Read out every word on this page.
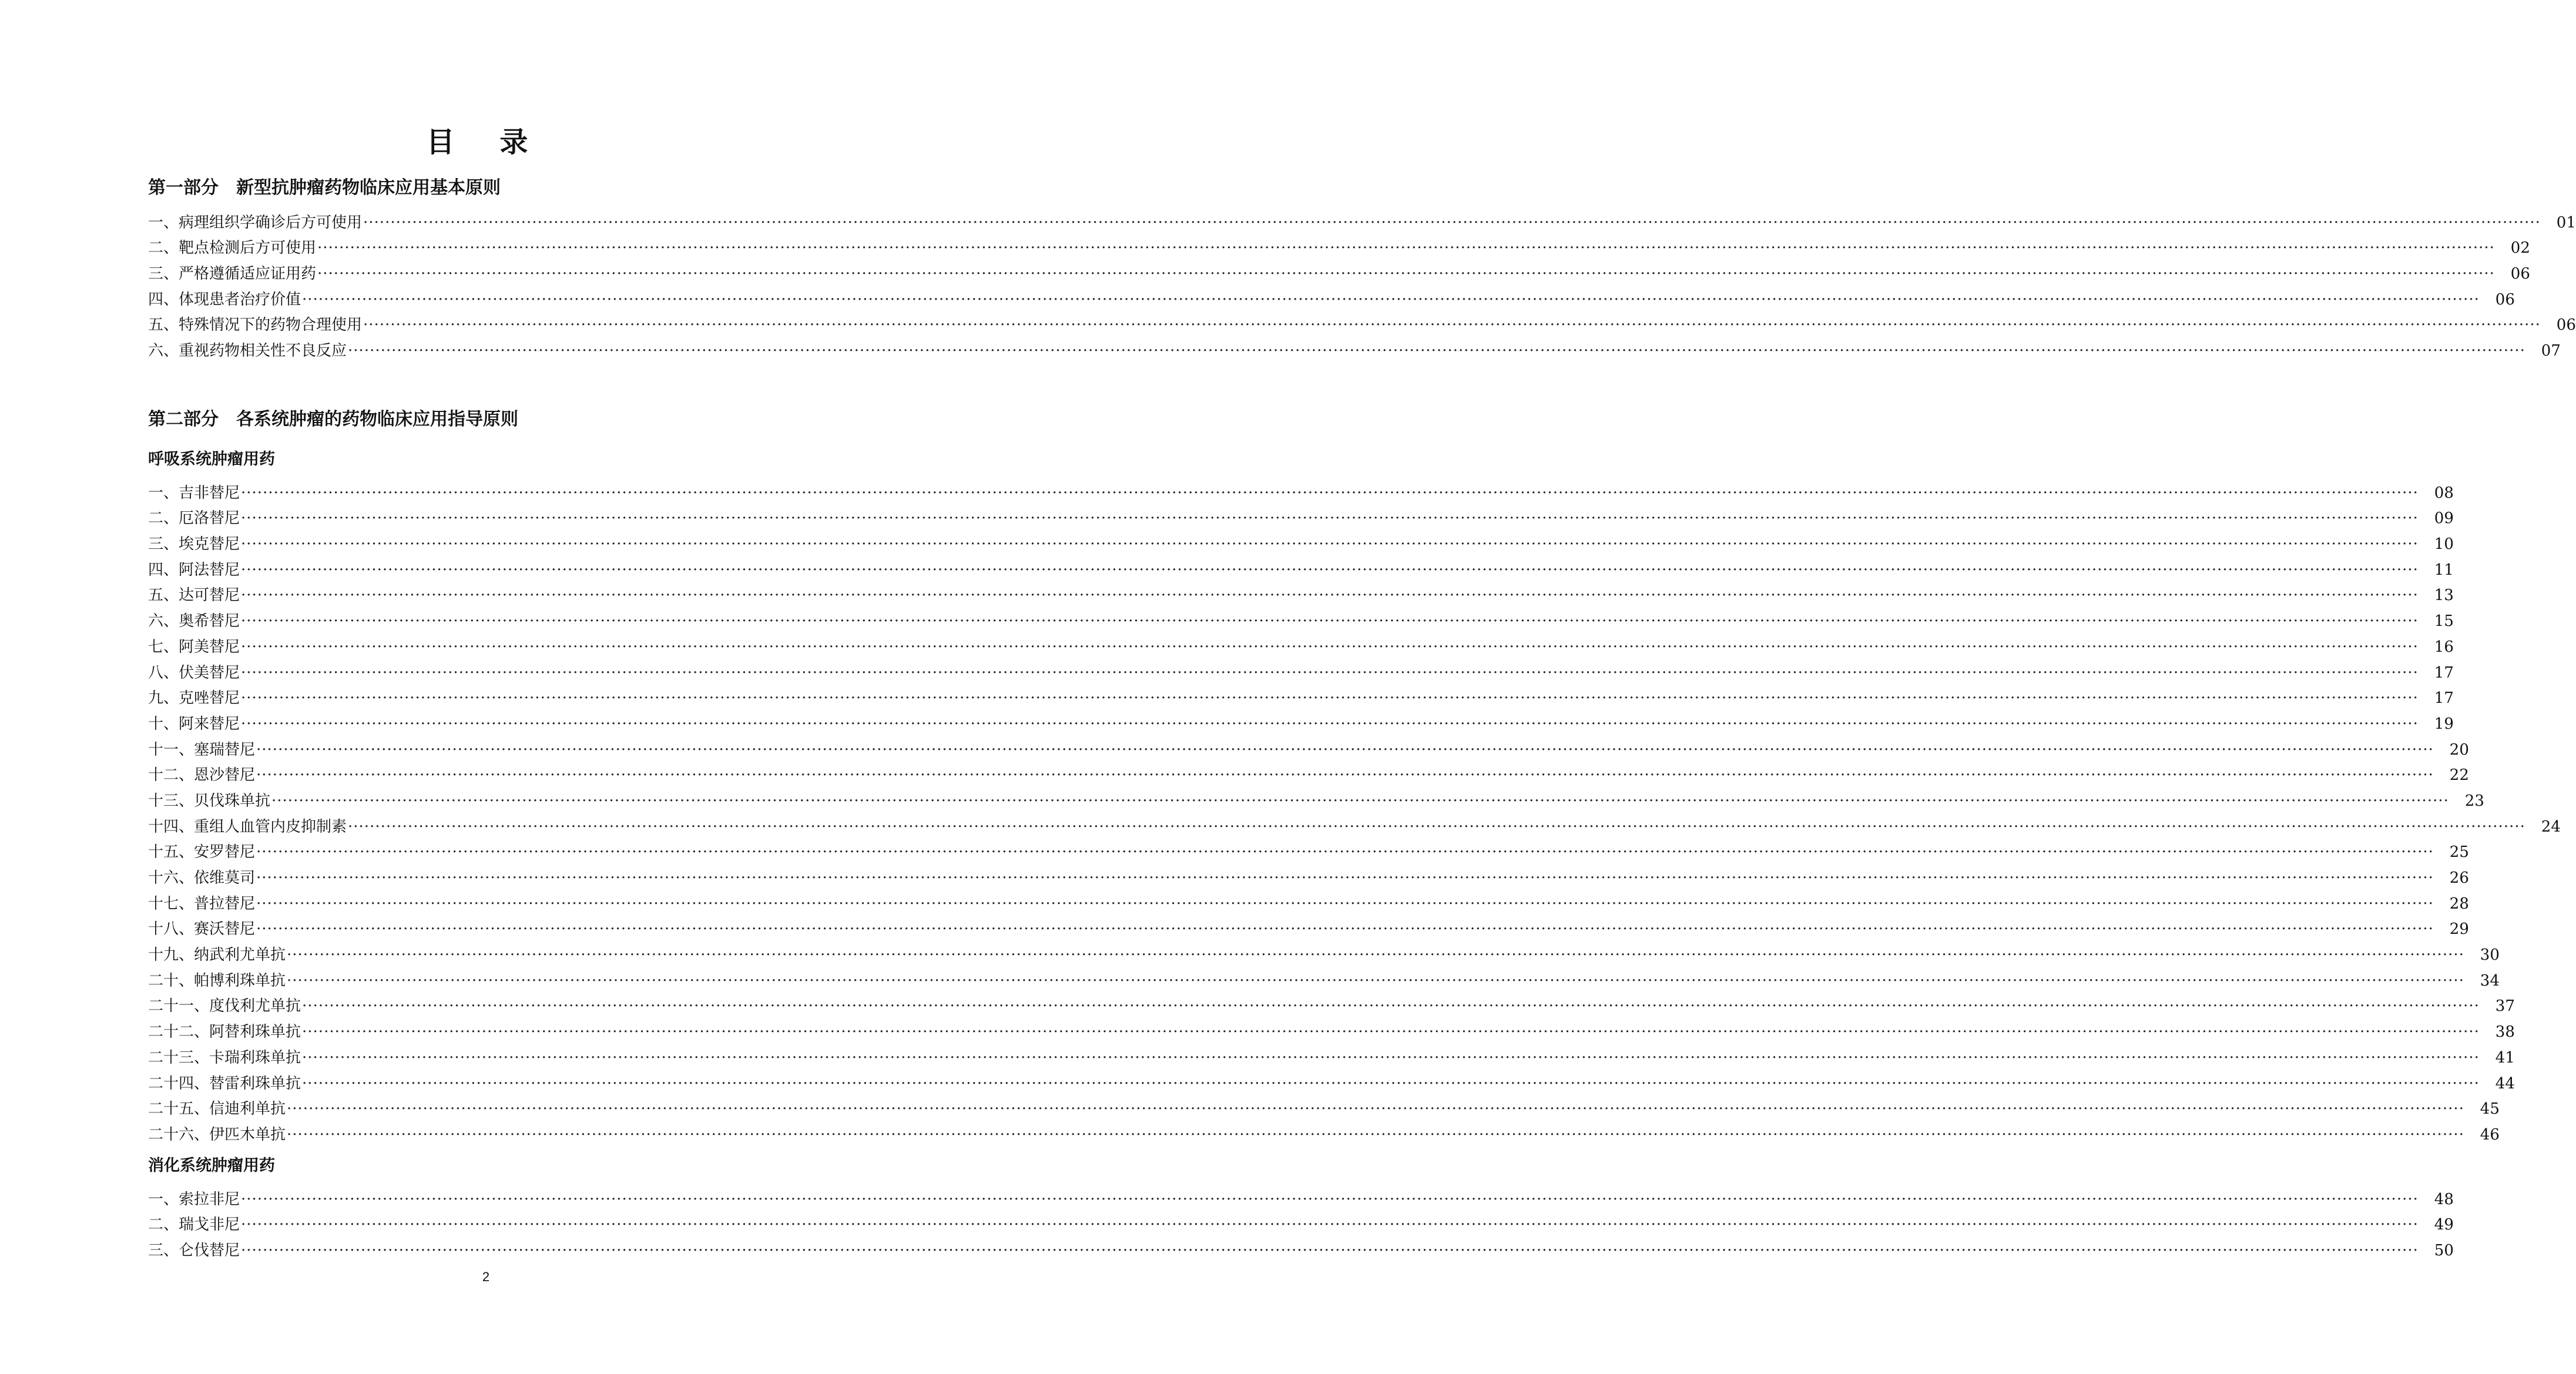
目 录
第一部分　新型抗肿瘤药物临床应用基本原则
一、病理组织学确诊后方可使用 ················································································································································································································································································································································································································	01
二、靶点检测后方可使用 ················································································································································································································································································································································································································	02
三、严格遵循适应证用药 ················································································································································································································································································································································································································	06
四、体现患者治疗价值 ················································································································································································································································································································································································································	06
五、特殊情况下的药物合理使用 ················································································································································································································································································································································································································	06
六、重视药物相关性不良反应 ················································································································································································································································································································································································································	07
第二部分　各系统肿瘤的药物临床应用指导原则
呼吸系统肿瘤用药
一、吉非替尼 ················································································································································································································································································································································································································	08
二、厄洛替尼 ················································································································································································································································································································································································································	09
三、埃克替尼 ················································································································································································································································································································································································································	10
四、阿法替尼 ················································································································································································································································································································································································································	11
五、达可替尼 ················································································································································································································································································································································································································	13
六、奥希替尼 ················································································································································································································································································································································································································	15
七、阿美替尼 ················································································································································································································································································································································································································	16
八、伏美替尼 ················································································································································································································································································································································································································	17
九、克唑替尼 ················································································································································································································································································································································································································	17
十、阿来替尼 ················································································································································································································································································································································································································	19
十一、塞瑞替尼 ················································································································································································································································································································································································································	20
十二、恩沙替尼 ················································································································································································································································································································································································································	22
十三、贝伐珠单抗 ················································································································································································································································································································································································································	23
十四、重组人血管内皮抑制素 ················································································································································································································································································································································································································	24
十五、安罗替尼 ················································································································································································································································································································································································································	25
十六、依维莫司 ················································································································································································································································································································································································································	26
十七、普拉替尼 ················································································································································································································································································································································································································	28
十八、赛沃替尼 ················································································································································································································································································································································································································	29
十九、纳武利尤单抗 ················································································································································································································································································································································································································	30
二十、帕博利珠单抗 ················································································································································································································································································································································································································	34
二十一、度伐利尤单抗 ················································································································································································································································································································································································································	37
二十二、阿替利珠单抗 ················································································································································································································································································································································································································	38
二十三、卡瑞利珠单抗 ················································································································································································································································································································································································································	41
二十四、替雷利珠单抗 ················································································································································································································································································································································································································	44
二十五、信迪利单抗 ················································································································································································································································································································································································································	45
二十六、伊匹木单抗 ················································································································································································································································································································································································································	46
消化系统肿瘤用药
一、索拉非尼 ················································································································································································································································································································································································································	48
二、瑞戈非尼 ················································································································································································································································································································································································································	49
三、仑伐替尼 ················································································································································································································································································································································································································	50
2
